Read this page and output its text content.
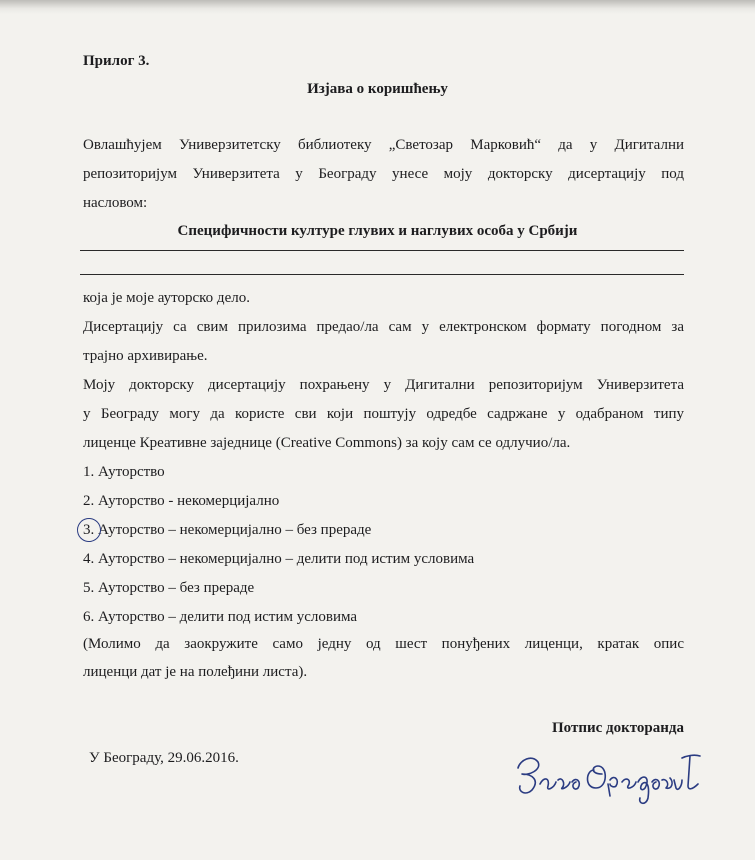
Прилог 3.

Изјава о коришћењу

Овлашћујем Универзитетску библиотеку „Светозар Марковић“ да у Дигитални
репозиторијум Универзитета у Београду унесе моју докторску дисертацију под
насловом:

Специфичности културе глувих и наглувих особа у Србији

која је моје ауторско дело.
Дисертацију са свим прилозима предао/ла сам у електронском формату погодном за
трајно архивирање.
Моју докторску дисертацију похрањену у Дигитални репозиторијум Универзитета
у Београду могу да користе сви који поштују одредбе садржане у одабраном типу
лиценце Креативне заједнице (Creative Commons) за коју сам се одлучио/ла.
1. Ауторство
2. Ауторство - некомерцијално
3. Ауторство – некомерцијално – без прераде
4. Ауторство – некомерцијално – делити под истим условима
5. Ауторство – без прераде
6. Ауторство – делити под истим условима
(Молимо да заокружите само једну од шест понуђених лиценци, кратак опис
лиценци дат је на полеђини листа).

Потпис докторанда

У Београду, 29.06.2016.
